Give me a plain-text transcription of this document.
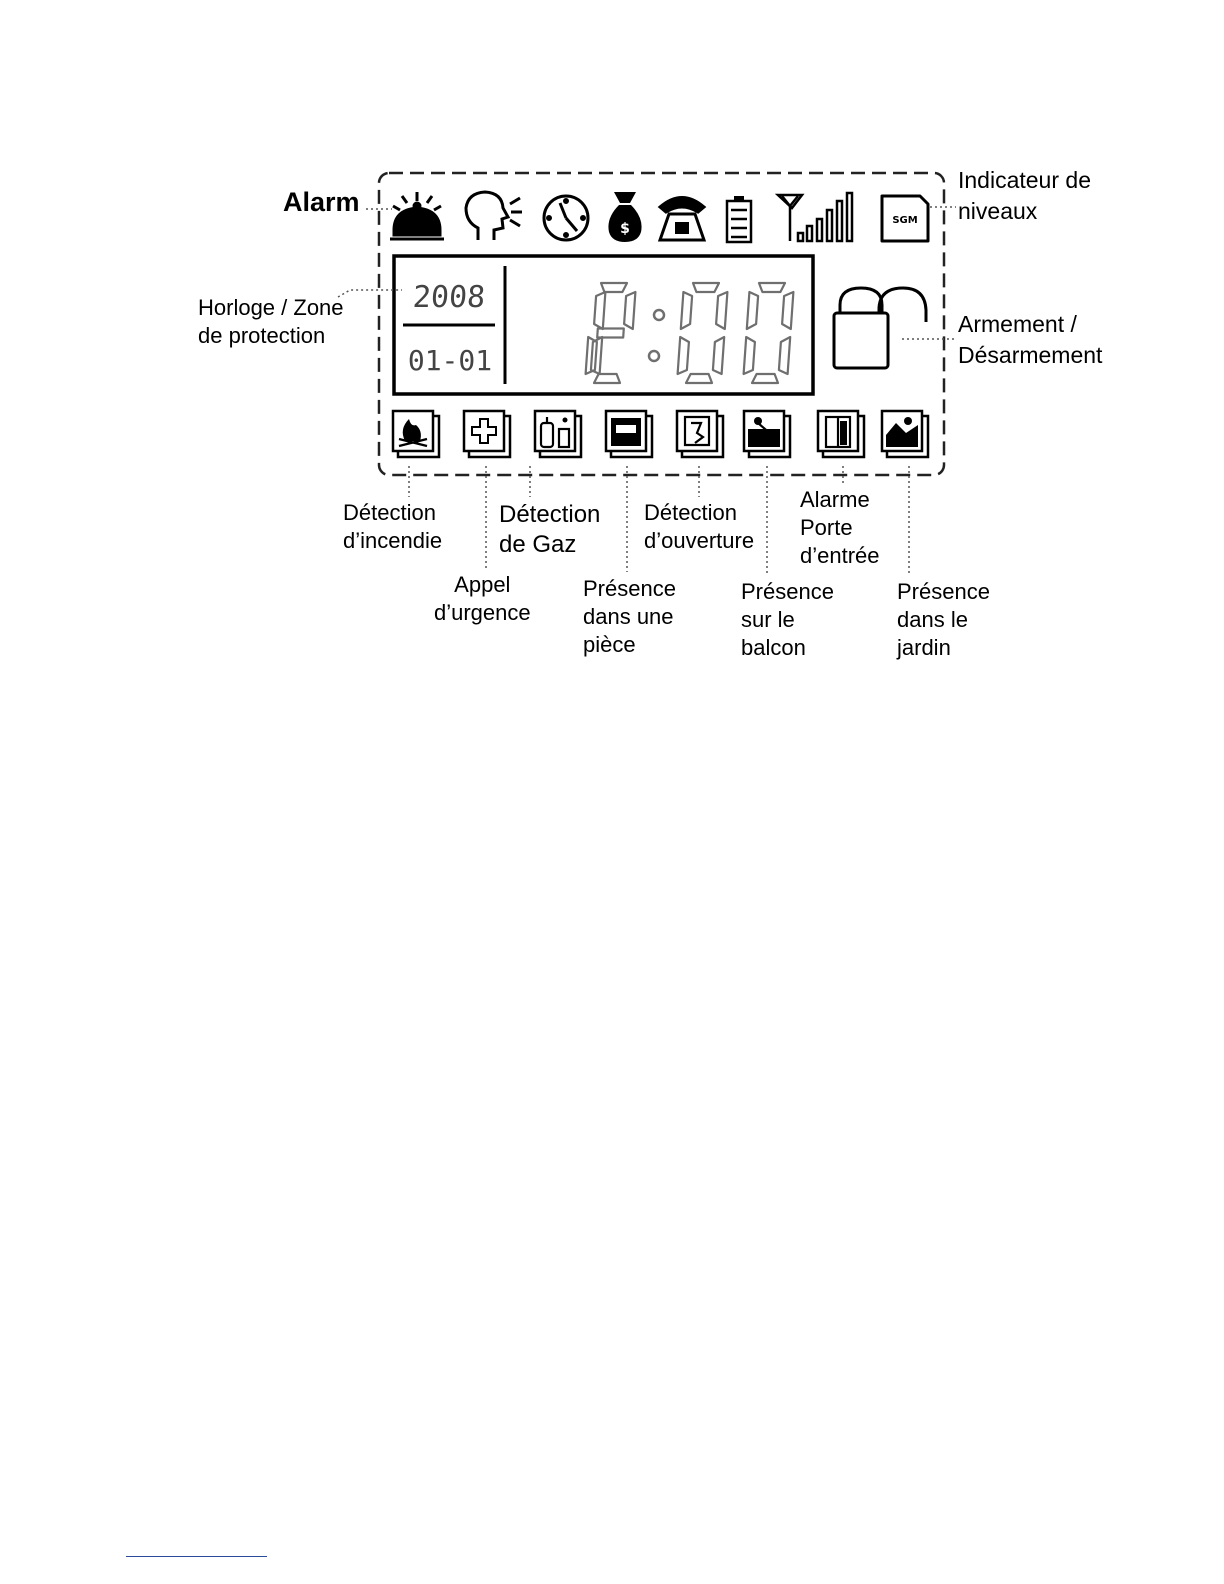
$
SGM
2008
01-01
Alarm
Indicateur de
niveaux
Horloge / Zone
de protection	Armement /
Désarmement
Détection
d’incendie
Appel
d’urgence
Détection
de Gaz
Présence
dans une
pièce
Détection
d’ouverture
Présence
sur le
balcon
Alarme
Porte
d’entrée
Présence
dans le
jardin
